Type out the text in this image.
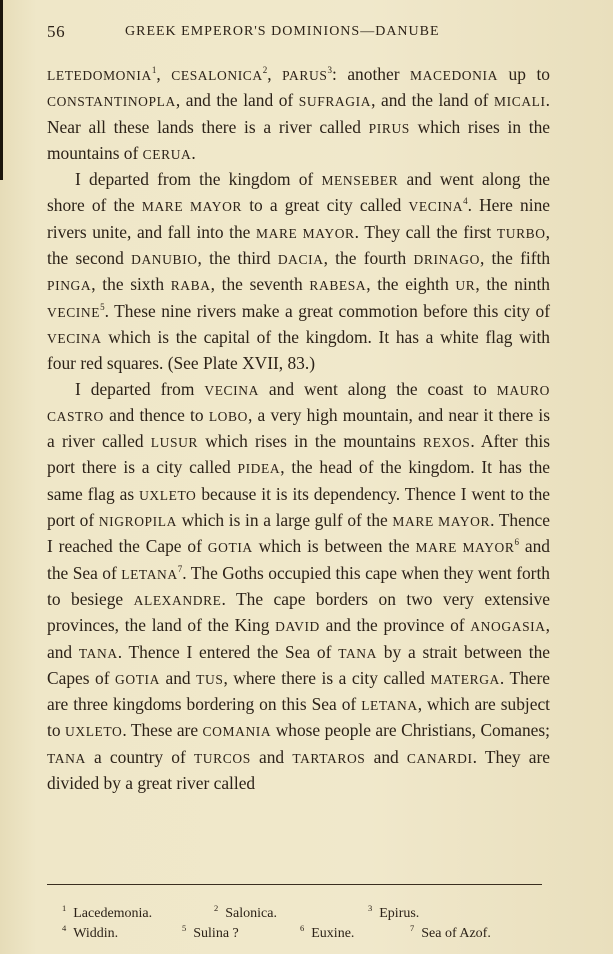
56	GREEK EMPEROR'S DOMINIONS—DANUBE

LETEDOMONIA$^1$, CESALONICA$^2$, PARUS$^3$: another MACEDONIA up to CONSTANTINOPLA, and the land of SUFRAGIA, and the land of MICALI. Near all these lands there is a river called PIRUS which rises in the mountains of CERUA.

I departed from the kingdom of MENSEBER and went along the shore of the MARE MAYOR to a great city called VECINA$^4$. Here nine rivers unite, and fall into the MARE MAYOR. They call the first TURBO, the second DANUBIO, the third DACIA, the fourth DRINAGO, the fifth PINGA, the sixth RABA, the seventh RABESA, the eighth UR, the ninth VECINE$^5$. These nine rivers make a great commotion before this city of VECINA which is the capital of the kingdom. It has a white flag with four red squares. (See Plate XVII, 83.)

I departed from VECINA and went along the coast to MAURO CASTRO and thence to LOBO, a very high mountain, and near it there is a river called LUSUR which rises in the mountains REXOS. After this port there is a city called PIDEA, the head of the kingdom. It has the same flag as UXLETO because it is its dependency. Thence I went to the port of NIGROPILA which is in a large gulf of the MARE MAYOR. Thence I reached the Cape of GOTIA which is between the MARE MAYOR$^6$ and the Sea of LETANA$^7$. The Goths occupied this cape when they went forth to besiege ALEXANDRE. The cape borders on two very extensive provinces, the land of the King DAVID and the province of ANOGASIA, and TANA. Thence I entered the Sea of TANA by a strait between the Capes of GOTIA and TUS, where there is a city called MATERGA. There are three kingdoms bordering on this Sea of LETANA, which are subject to UXLETO. These are COMANIA whose people are Christians, Comanes; TANA a country of TURCOS and TARTAROS and CANARDI. They are divided by a great river called

$^1$ Lacedemonia.	$^2$ Salonica.	$^3$ Epirus.
$^4$ Widdin.	$^5$ Sulina ?	$^6$ Euxine.	$^7$ Sea of Azof.
